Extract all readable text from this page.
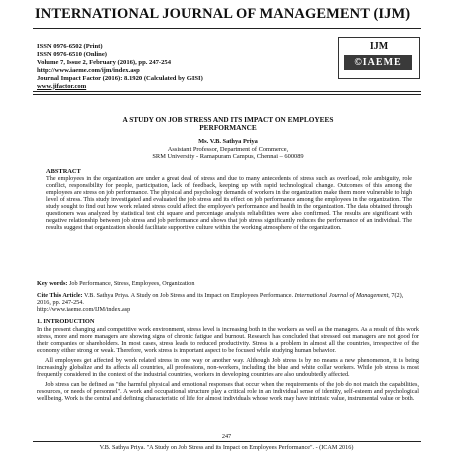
INTERNATIONAL JOURNAL OF MANAGEMENT (IJM)
ISSN 0976-6502 (Print)
ISSN 0976-6510 (Online)
Volume 7, Issue 2, February (2016), pp. 247-254
http://www.iaeme.com/ijm/index.asp
Journal Impact Factor (2016): 8.1920 (Calculated by GISI)
www.jifactor.com
IJM
©IAEME
A STUDY ON JOB STRESS AND ITS IMPACT ON EMPLOYEES
PERFORMANCE
Ms. V.B. Sathya Priya
Assistant Professor, Department of Commerce,
SRM University - Ramapuram Campus, Chennai – 600089
ABSTRACT
The employees in the organization are under a great deal of stress and due to many antecedents of stress such as overload, role ambiguity, role conflict, responsibility for people, participation, lack of feedback, keeping up with rapid technological change. Outcomes of this among the employees are stress on job performance. The physical and psychology demands of workers in the organization make them more vulnerable to high level of stress. This study investigated and evaluated the job stress and its effect on job performance among the employees in the organization. The study sought to find out how work related stress could affect the employee's performance and health in the organization. The data obtained through questioners was analyzed by statistical test chi square and percentage analysis reliabilities were also confirmed. The results are significant with negative relationship between job stress and job performance and shows that job stress significantly reduces the performance of an individual. The results suggest that organization should facilitate supportive culture within the working atmosphere of the organization.
Key words: Job Performance, Stress, Employees, Organization
Cite This Article: V.B. Sathya Priya. A Study on Job Stress and its Impact on Employees Performance. International Journal of Management, 7(2), 2016, pp. 247-254.
http://www.iaeme.com/IJM/index.asp
1. INTRODUCTION

In the present changing and competitive work environment, stress level is increasing both in the workers as well as the managers. As a result of this work stress, more and more managers are showing signs of chronic fatigue and burnout. Research has concluded that stressed out managers are not good for their companies or shareholders. In most cases, stress leads to reduced productivity. Stress is a problem in almost all the countries, irrespective of the economy either strong or weak. Therefore, work stress is important aspect to be focused while studying human behavior.

All employees get affected by work related stress in one way or another way. Although Job stress is by no means a new phenomenon, it is being increasingly globalize and its affects all countries, all professions, non-workers, including the blue and white collar workers. While job stress is most frequently considered in the context of the industrial countries, workers in developing countries are also undoubtedly affected.

Job stress can be defined as "the harmful physical and emotional responses that occur when the requirements of the job do not match the capabilities, resources, or needs of personnel". A work and occupational structure play a critical role in an individual sense of identity, self-esteem and psychological wellbeing. Work is the central and defining characteristic of life for almost individuals whose work may have intrinsic value, instrumental value or both.

247
V.B. Sathya Priya. "A Study on Job Stress and its Impact on Employees Performance". - (ICAM 2016)
